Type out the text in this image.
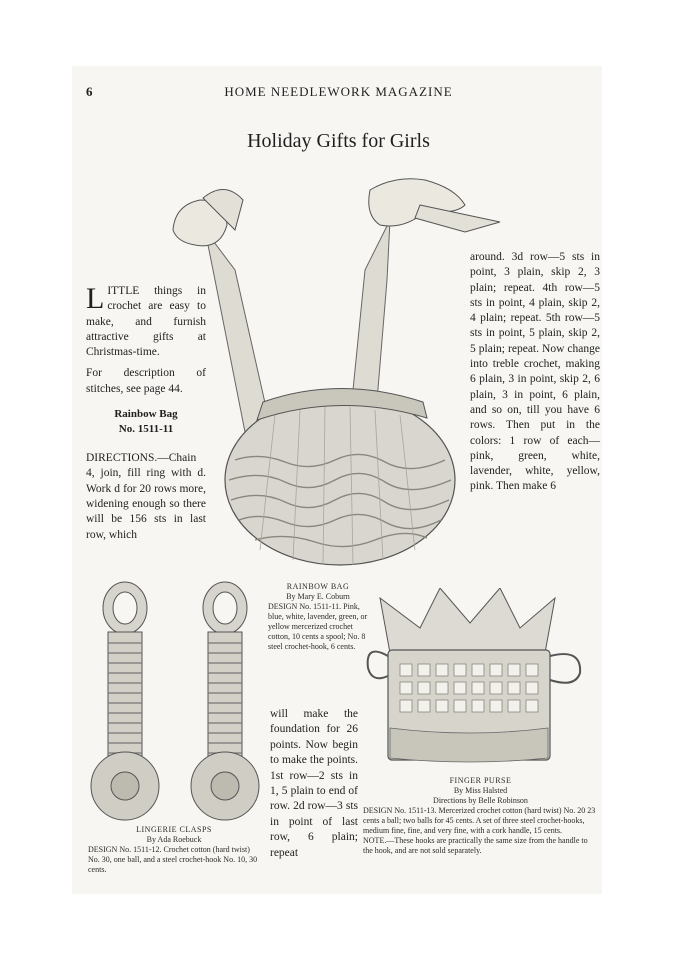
6	HOME NEEDLEWORK MAGAZINE
Holiday Gifts for Girls

L ITTLE things in crochet are easy to make, and furnish attractive gifts at Christmas-time.

For description of stitches, see page 44.

Rainbow Bag
No. 1511-11

DIRECTIONS.—Chain 4, join, fill ring with d. Work d for 20 rows more, widening enough so there will be 156 sts in last row, which

around. 3d row—5 sts in point, 3 plain, skip 2, 3 plain; repeat. 4th row—5 sts in point, 4 plain, skip 2, 4 plain; repeat. 5th row—5 sts in point, 5 plain, skip 2, 5 plain; repeat. Now change into treble crochet, making 6 plain, 3 in point, skip 2, 6 plain, 3 in point, 6 plain, and so on, till you have 6 rows. Then put in the colors: 1 row of each—pink, green, white, lavender, white, yellow, pink. Then make 6

RAINBOW BAG
By Mary E. Coburn
DESIGN No. 1511-11. Pink, blue, white, lavender, green, or yellow mercerized crochet cotton, 10 cents a spool; No. 8 steel crochet-hook, 6 cents.
LINGERIE CLASPS
By Ada Roebuck
DESIGN No. 1511-12. Crochet cotton (hard twist) No. 30, one ball, and a steel crochet-hook No. 10, 30 cents.

will make the foundation for 26 points. Now begin to make the points. 1st row—2 sts in 1, 5 plain to end of row. 2d row—3 sts in point of last row, 6 plain; repeat

FINGER PURSE
By Miss Halsted
Directions by Belle Robinson
DESIGN No. 1511-13. Mercerized crochet cotton (hard twist) No. 20 23 cents a ball; two balls for 45 cents. A set of three steel crochet-hooks, medium fine, fine, and very fine, with a cork handle, 15 cents.
NOTE.—These hooks are practically the same size from the handle to the hook, and are not sold separately.
